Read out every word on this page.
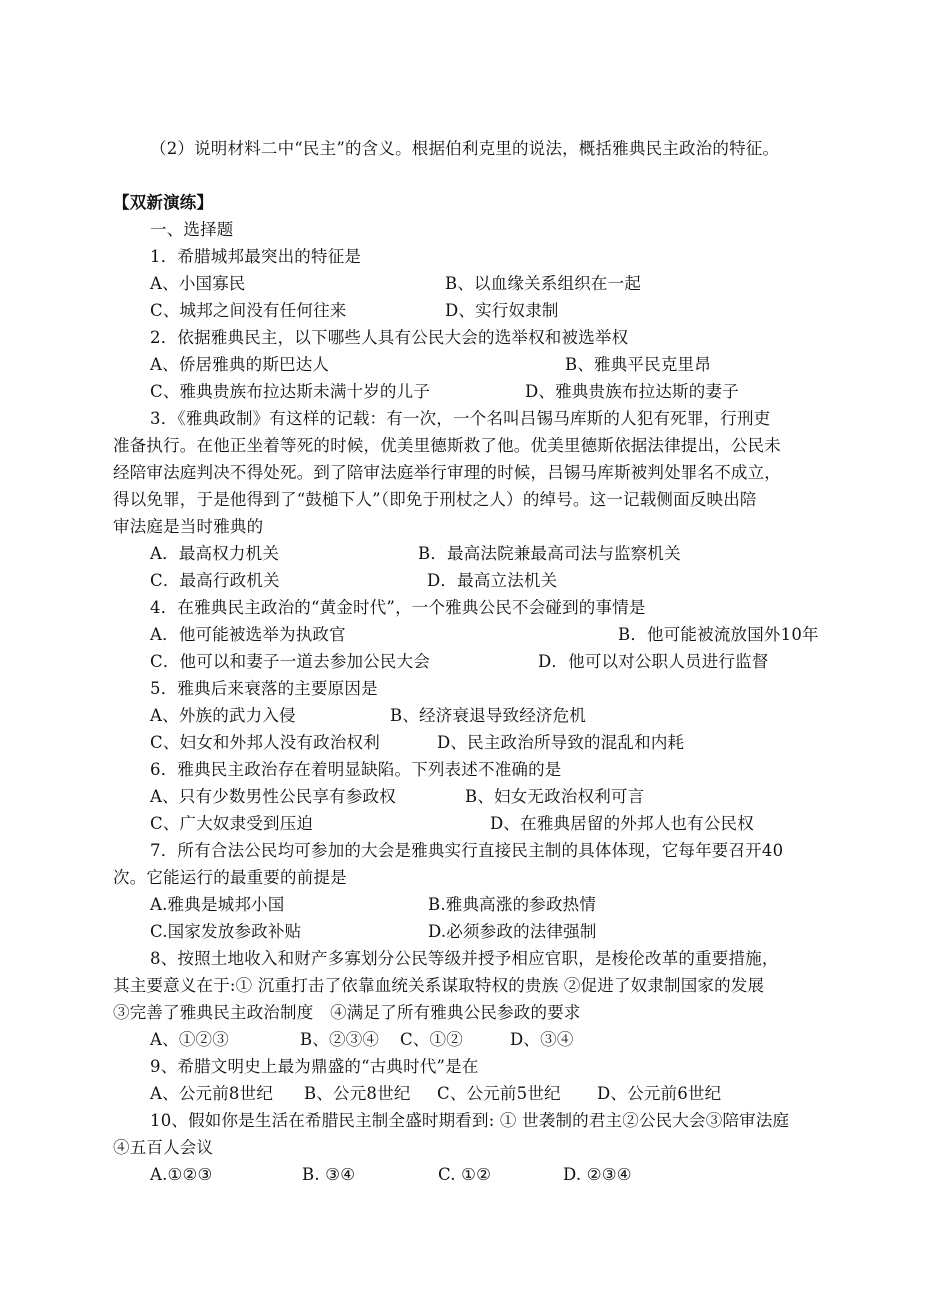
（2）说明材料二中“民主”的含义。根据伯利克里的说法，概括雅典民主政治的特征。
【双新演练】
一、选择题
1．希腊城邦最突出的特征是
A、小国寡民	B、以血缘关系组织在一起
C、城邦之间没有任何往来	D、实行奴隶制
2．依据雅典民主，以下哪些人具有公民大会的选举权和被选举权
A、侨居雅典的斯巴达人	B、雅典平民克里昂
C、雅典贵族布拉达斯未满十岁的儿子	D、雅典贵族布拉达斯的妻子
3．《雅典政制》有这样的记载：有一次，一个名叫吕锡马库斯的人犯有死罪，行刑吏
准备执行。在他正坐着等死的时候，优美里德斯救了他。优美里德斯依据法律提出，公民未
经陪审法庭判决不得处死。到了陪审法庭举行审理的时候，吕锡马库斯被判处罪名不成立，
得以免罪，于是他得到了“鼓槌下人”（即免于刑杖之人）的绰号。这一记载侧面反映出陪
审法庭是当时雅典的
A．最高权力机关	B．最高法院兼最高司法与监察机关
C．最高行政机关	D．最高立法机关
4．在雅典民主政治的“黄金时代”，一个雅典公民不会碰到的事情是
A．他可能被选举为执政官	B．他可能被流放国外10年
C．他可以和妻子一道去参加公民大会	D．他可以对公职人员进行监督
5．雅典后来衰落的主要原因是
A、外族的武力入侵	B、经济衰退导致经济危机
C、妇女和外邦人没有政治权利	D、民主政治所导致的混乱和内耗
6．雅典民主政治存在着明显缺陷。下列表述不准确的是
A、只有少数男性公民享有参政权	B、妇女无政治权利可言
C、广大奴隶受到压迫	D、在雅典居留的外邦人也有公民权
7．所有合法公民均可参加的大会是雅典实行直接民主制的具体体现，它每年要召开40
次。它能运行的最重要的前提是
A.雅典是城邦小国	B.雅典高涨的参政热情
C.国家发放参政补贴	D.必须参政的法律强制
8、按照土地收入和财产多寡划分公民等级并授予相应官职，是梭伦改革的重要措施，
其主要意义在于:① 沉重打击了依靠血统关系谋取特权的贵族 ②促进了奴隶制国家的发展
③完善了雅典民主政治制度　④满足了所有雅典公民参政的要求
A、①②③	B、②③④ C、①②	D、③④
9、希腊文明史上最为鼎盛的“古典时代”是在
A、公元前8世纪 B、公元8世纪 C、公元前5世纪 D、公元前6世纪
10、假如你是生活在希腊民主制全盛时期看到: ① 世袭制的君主②公民大会③陪审法庭
④五百人会议
A.①②③	B. ③④	C. ①②	D. ②③④
